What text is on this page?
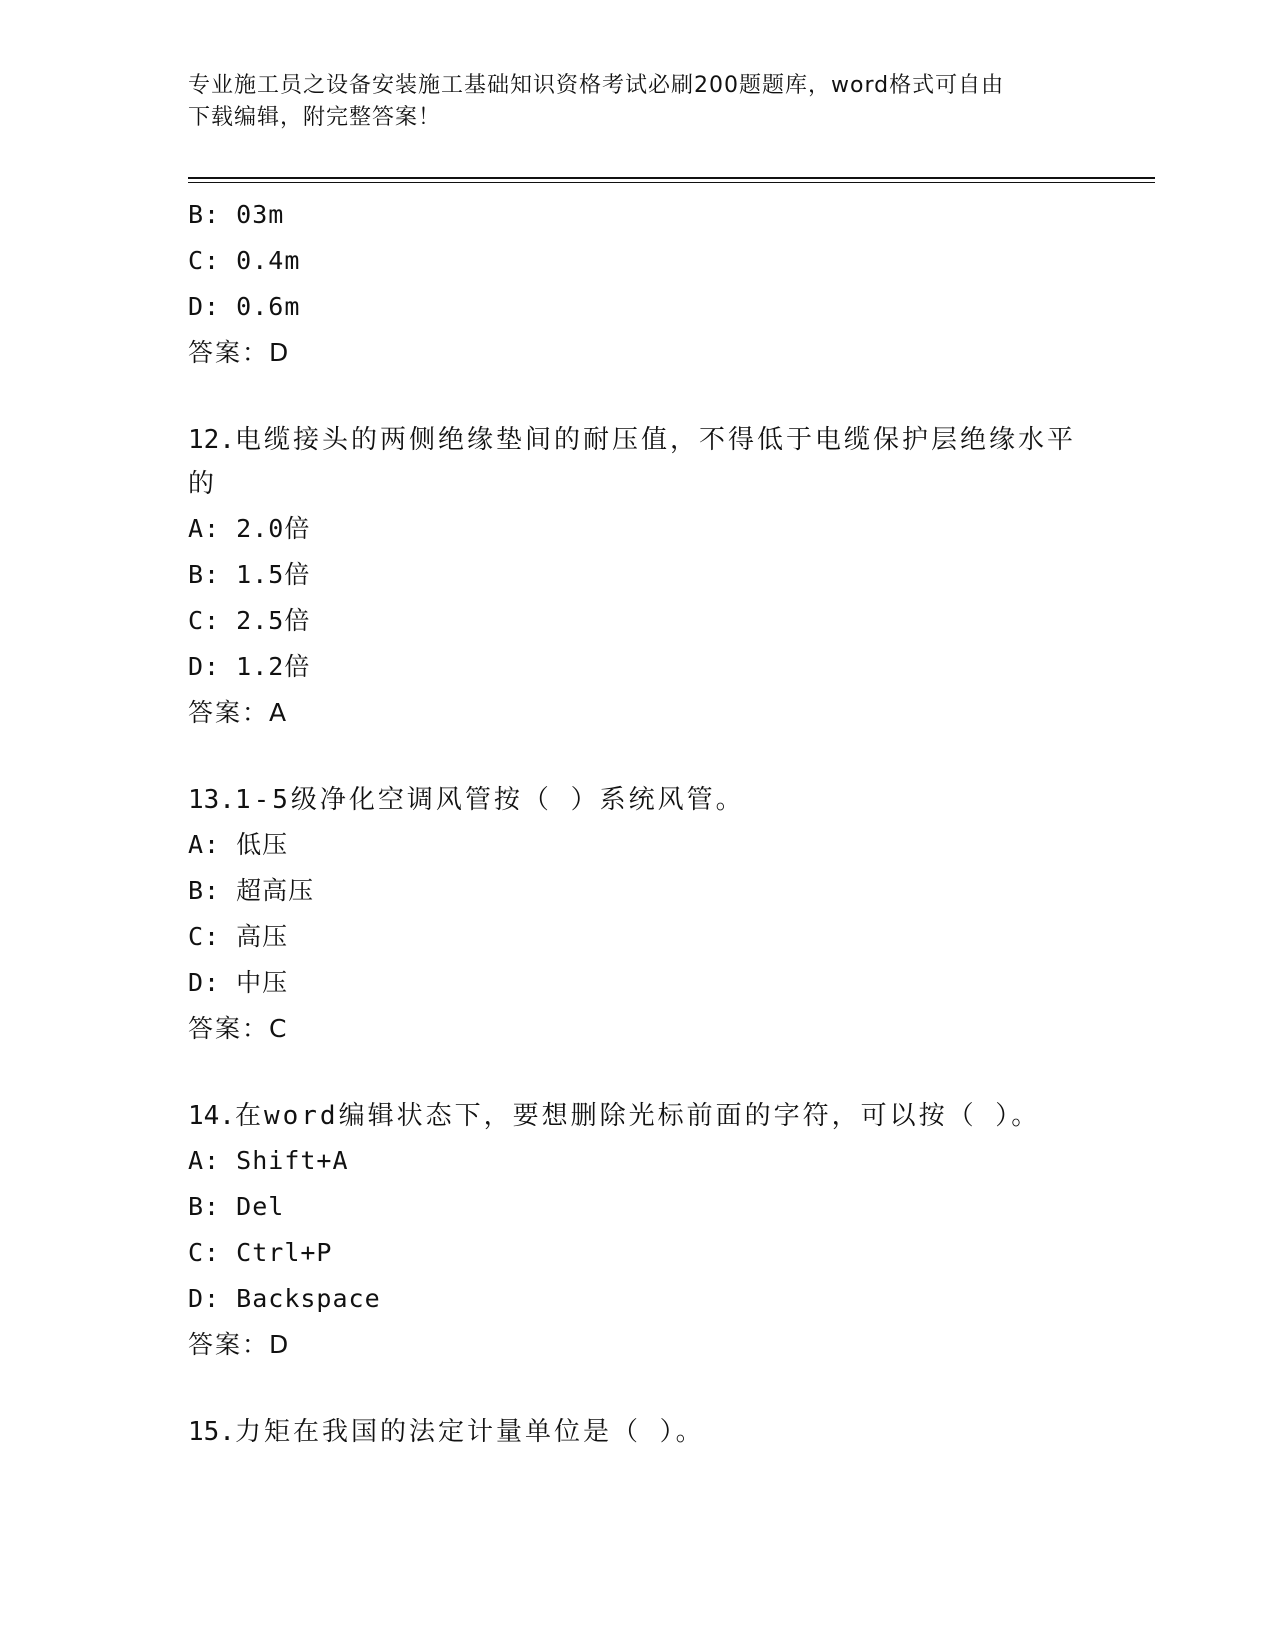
专业施工员之设备安装施工基础知识资格考试必刷200题题库，word格式可自由
下载编辑，附完整答案！
B: 03m
C: 0.4m
D: 0.6m
答案：D
12.电缆接头的两侧绝缘垫间的耐压值，不得低于电缆保护层绝缘水平
的
A: 2.0倍
B: 1.5倍
C: 2.5倍
D: 1.2倍
答案：A
13.1-5级净化空调风管按（ ）系统风管。
A: 低压
B: 超高压
C: 高压
D: 中压
答案：C
14.在word编辑状态下，要想删除光标前面的字符，可以按（ ）。
A: Shift+A
B: Del
C: Ctrl+P
D: Backspace
答案：D
15.力矩在我国的法定计量单位是（ ）。
